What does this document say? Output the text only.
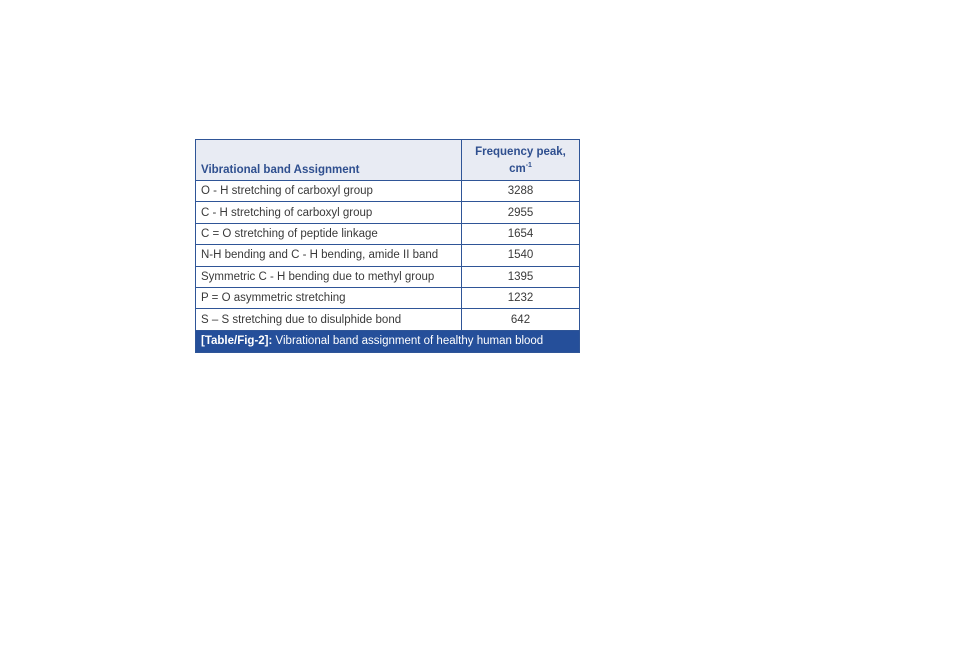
Vibrational band Assignment	Frequency peak,
$cm^{-1}$
O - H stretching of carboxyl group	3288
C - H stretching of carboxyl group	2955
C = O stretching of peptide linkage	1654
N-H bending and C - H bending, amide II band	1540
Symmetric C - H bending due to methyl group	1395
P = O asymmetric stretching	1232
S – S stretching due to disulphide bond	642
[Table/Fig-2]: Vibrational band assignment of healthy human blood	
